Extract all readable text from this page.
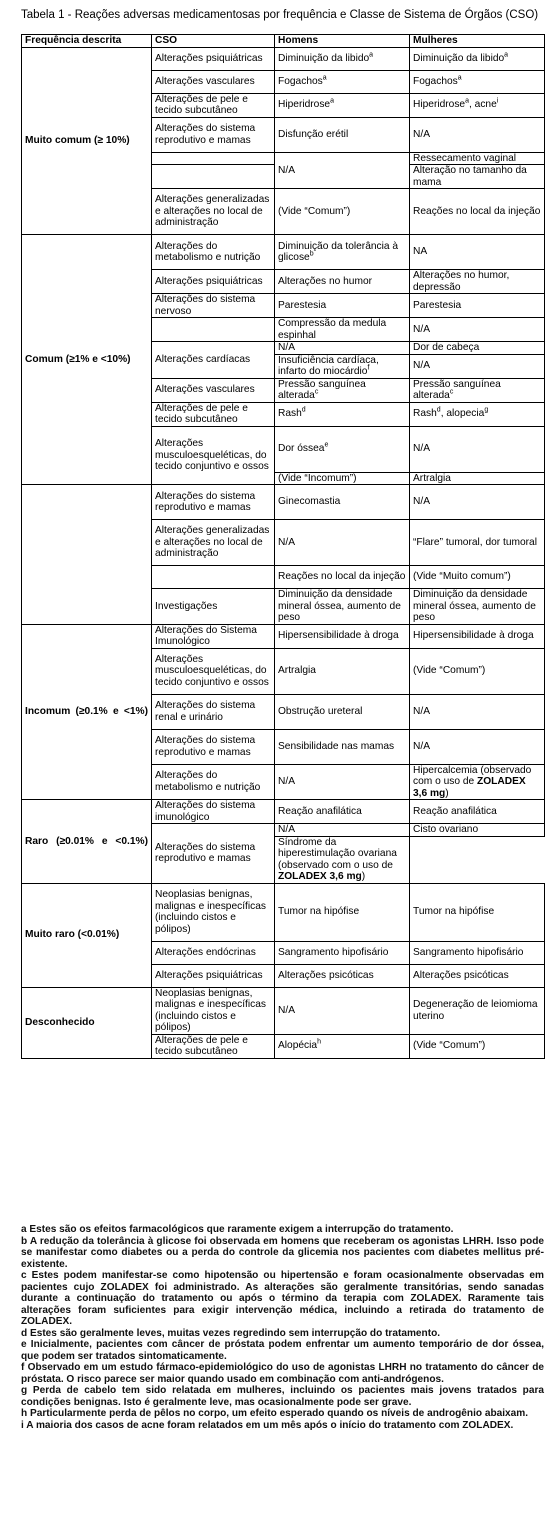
Tabela 1 - Reações adversas medicamentosas por frequência e Classe de Sistema de Órgãos (CSO)
Frequência descrita	CSO	Homens	Mulheres
Muito comum (≥ 10%)	Alterações psiquiátricas	Diminuição da libido$^a$	Diminuição da libido$^a$
	Alterações vasculares	Fogachos$^a$	Fogachos$^a$
	Alterações de pele e tecido subcutâneo	Hiperidrose$^a$	Hiperidrose$^a$, acne$^i$
	Alterações do sistema reprodutivo e mamas	Disfunção erétil	N/A
		N/A	Ressecamento vaginal
			Alteração no tamanho da mama
	Alterações generalizadas e alterações no local de administração	(Vide “Comum”)	Reações no local da injeção
Comum (≥1% e <10%)	Alterações do metabolismo e nutrição	Diminuição da tolerância à glicose$^b$	NA
	Alterações psiquiátricas	Alterações no humor	Alterações no humor, depressão
	Alterações do sistema nervoso	Parestesia	Parestesia
		Compressão da medula espinhal	N/A
	Alterações cardíacas	N/A	Dor de cabeça
		Insuficiência cardíaca, infarto do miocárdio$^f$	N/A
	Alterações vasculares	Pressão sanguínea alterada$^c$	Pressão sanguínea alterada$^c$
	Alterações de pele e tecido subcutâneo	Rash$^d$	Rash$^d$, alopecia$^g$
	Alterações musculoesqueléticas, do tecido conjuntivo e ossos	Dor óssea$^e$	N/A
		(Vide “Incomum”)	Artralgia
	Alterações do sistema reprodutivo e mamas	Ginecomastia	N/A
	Alterações generalizadas e alterações no local de administração	N/A	“Flare” tumoral, dor tumoral
		Reações no local da injeção	(Vide “Muito comum”)
	Investigações	Diminuição da densidade mineral óssea, aumento de peso	Diminuição da densidade mineral óssea, aumento de peso
Incomum (≥0.1% e <1%)	Alterações do Sistema Imunológico	Hipersensibilidade à droga	Hipersensibilidade à droga
	Alterações musculoesqueléticas, do tecido conjuntivo e ossos	Artralgia	(Vide “Comum”)
	Alterações do sistema renal e urinário	Obstrução ureteral	N/A
	Alterações do sistema reprodutivo e mamas	Sensibilidade nas mamas	N/A
	Alterações do metabolismo e nutrição	N/A	Hipercalcemia (observado com o uso de ZOLADEX 3,6 mg)
Raro (≥0.01% e <0.1%)	Alterações do sistema imunológico	Reação anafilática	Reação anafilática
	Alterações do sistema reprodutivo e mamas	N/A	Cisto ovariano
		Síndrome da hiperestimulação ovariana (observado com o uso de ZOLADEX 3,6 mg)	
Muito raro (<0.01%)	Neoplasias benignas, malignas e inespecíficas (incluindo cistos e pólipos)	Tumor na hipófise	Tumor na hipófise
	Alterações endócrinas	Sangramento hipofisário	Sangramento hipofisário
	Alterações psiquiátricas	Alterações psicóticas	Alterações psicóticas
Desconhecido	Neoplasias benignas, malignas e inespecíficas (incluindo cistos e pólipos)	N/A	Degeneração de leiomioma uterino
	Alterações de pele e tecido subcutâneo	Alopécia$^h$	(Vide “Comum”)

a Estes são os efeitos farmacológicos que raramente exigem a interrupção do tratamento.

b A redução da tolerância à glicose foi observada em homens que receberam os agonistas LHRH. Isso pode se manifestar como diabetes ou a perda do controle da glicemia nos pacientes com diabetes mellitus pré-existente.

c Estes podem manifestar-se como hipotensão ou hipertensão e foram ocasionalmente observadas em pacientes cujo ZOLADEX foi administrado. As alterações são geralmente transitórias, sendo sanadas durante a continuação do tratamento ou após o término da terapia com ZOLADEX. Raramente tais alterações foram suficientes para exigir intervenção médica, incluindo a retirada do tratamento de ZOLADEX.

d Estes são geralmente leves, muitas vezes regredindo sem interrupção do tratamento.

e Inicialmente, pacientes com câncer de próstata podem enfrentar um aumento temporário de dor óssea, que podem ser tratados sintomaticamente.

f Observado em um estudo fármaco-epidemiológico do uso de agonistas LHRH no tratamento do câncer de próstata. O risco parece ser maior quando usado em combinação com anti-andrógenos.

g Perda de cabelo tem sido relatada em mulheres, incluindo os pacientes mais jovens tratados para condições benignas. Isto é geralmente leve, mas ocasionalmente pode ser grave.

h Particularmente perda de pêlos no corpo, um efeito esperado quando os níveis de androgênio abaixam.

i A maioria dos casos de acne foram relatados em um mês após o início do tratamento com ZOLADEX.
